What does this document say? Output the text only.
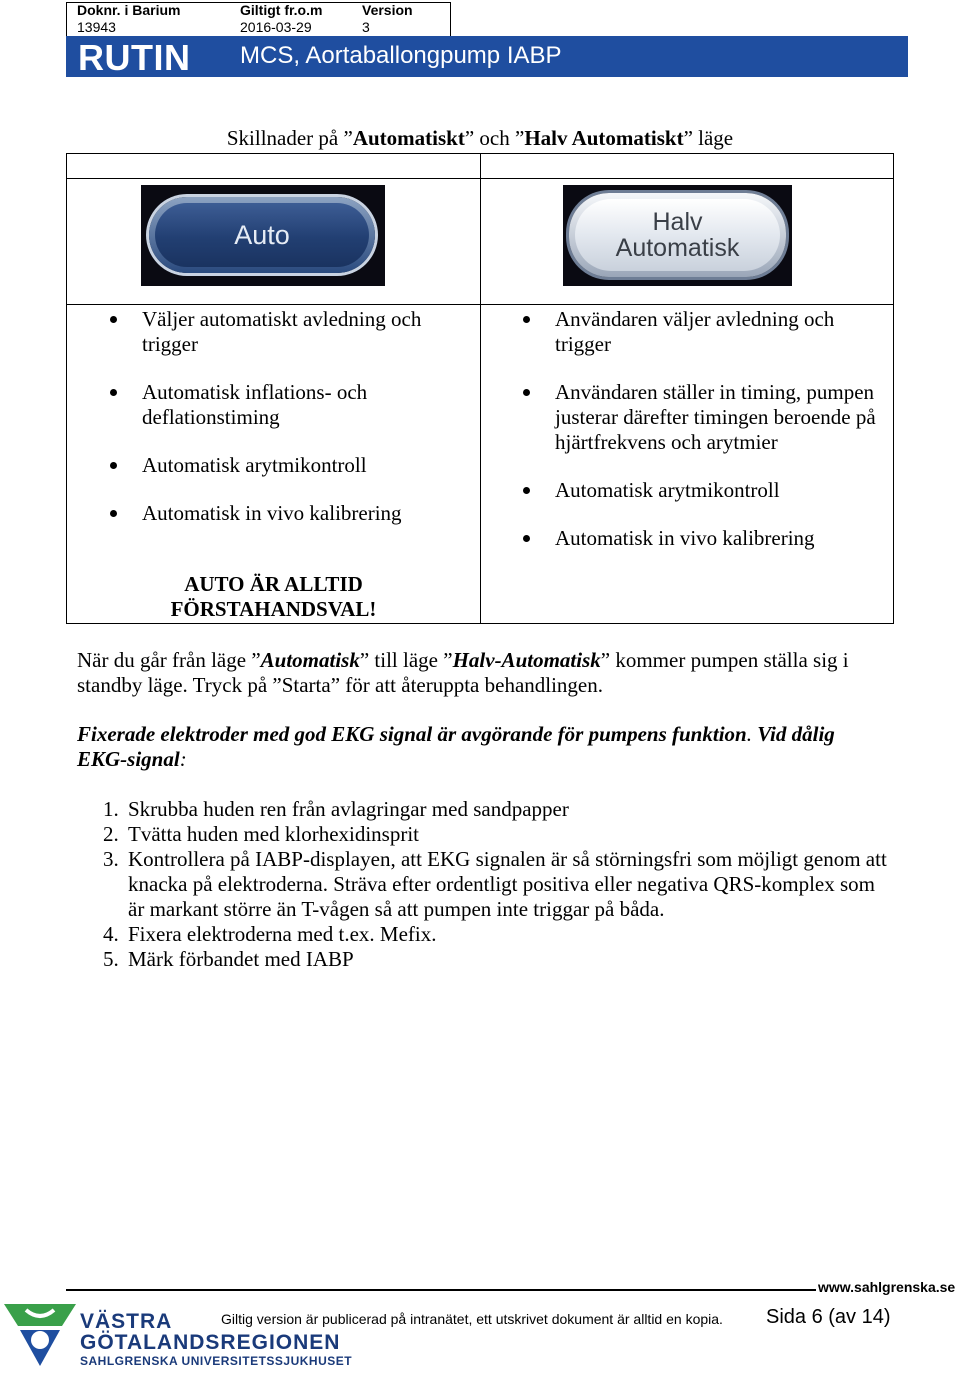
Doknr. i Barium
13943
Giltigt fr.o.m
2016-03-29
Version
3
RUTIN MCS, Aortaballongpump IABP
Skillnader på ”Automatiskt” och ”Halv Automatiskt” läge
Auto	Halv
Automatisk
Väljer automatiskt avledning och trigger
Automatisk inflations- och deflationstiming
Automatisk arytmikontroll
Automatisk in vivo kalibrering
AUTO ÄR ALLTID
FÖRSTAHANDSVAL!
Användaren väljer avledning och trigger
Användaren ställer in timing, pumpen justerar därefter timingen beroende på hjärtfrekvens och arytmier
Automatisk arytmikontroll
Automatisk in vivo kalibrering
När du går från läge ”Automatisk” till läge ”Halv-Automatisk” kommer pumpen ställa sig i standby läge. Tryck på ”Starta” för att återuppta behandlingen.
Fixerade elektroder med god EKG signal är avgörande för pumpens funktion. Vid dålig EKG-signal:
1. Skrubba huden ren från avlagringar med sandpapper
2. Tvätta huden med klorhexidinsprit
3. Kontrollera på IABP-displayen, att EKG signalen är så störningsfri som möjligt genom att knacka på elektroderna. Sträva efter ordentligt positiva eller negativa QRS-komplex som är markant större än T-vågen så att pumpen inte triggar på båda.
4. Fixera elektroderna med t.ex. Mefix.
5. Märk förbandet med IABP
www.sahlgrenska.se
VÄSTRA
GÖTALANDSREGIONEN
SAHLGRENSKA UNIVERSITETSSJUKHUSET
Giltig version är publicerad på intranätet, ett utskrivet dokument är alltid en kopia. Sida 6 (av 14)
